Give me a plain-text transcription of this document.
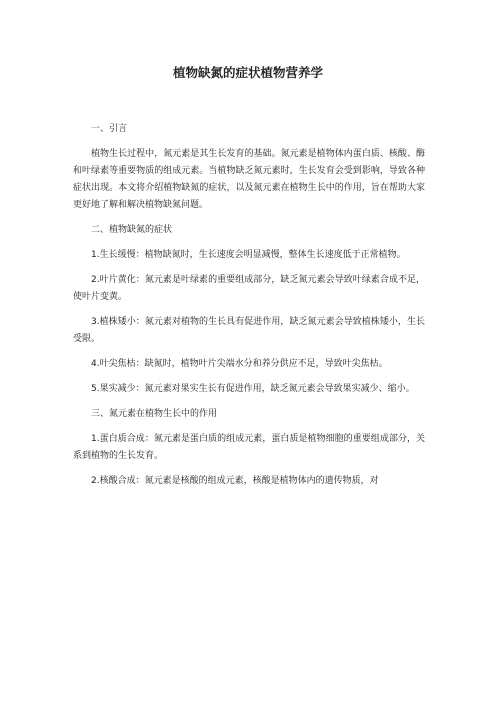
植物缺氮的症状植物营养学
一、引言

植物生长过程中，氮元素是其生长发育的基础。氮元素是植物体内蛋白质、核酸、酶和叶绿素等重要物质的组成元素。当植物缺乏氮元素时，生长发育会受到影响，导致各种症状出现。本文将介绍植物缺氮的症状，以及氮元素在植物生长中的作用，旨在帮助大家更好地了解和解决植物缺氮问题。

二、植物缺氮的症状

1.生长缓慢：植物缺氮时，生长速度会明显减慢，整体生长速度低于正常植物。

2.叶片黄化：氮元素是叶绿素的重要组成部分，缺乏氮元素会导致叶绿素合成不足，使叶片变黄。

3.植株矮小：氮元素对植物的生长具有促进作用，缺乏氮元素会导致植株矮小，生长受限。

4.叶尖焦枯：缺氮时，植物叶片尖端水分和养分供应不足，导致叶尖焦枯。

5.果实减少：氮元素对果实生长有促进作用，缺乏氮元素会导致果实减少、缩小。

三、氮元素在植物生长中的作用

1.蛋白质合成：氮元素是蛋白质的组成元素，蛋白质是植物细胞的重要组成部分，关系到植物的生长发育。

2.核酸合成：氮元素是核酸的组成元素，核酸是植物体内的遗传物质，对
